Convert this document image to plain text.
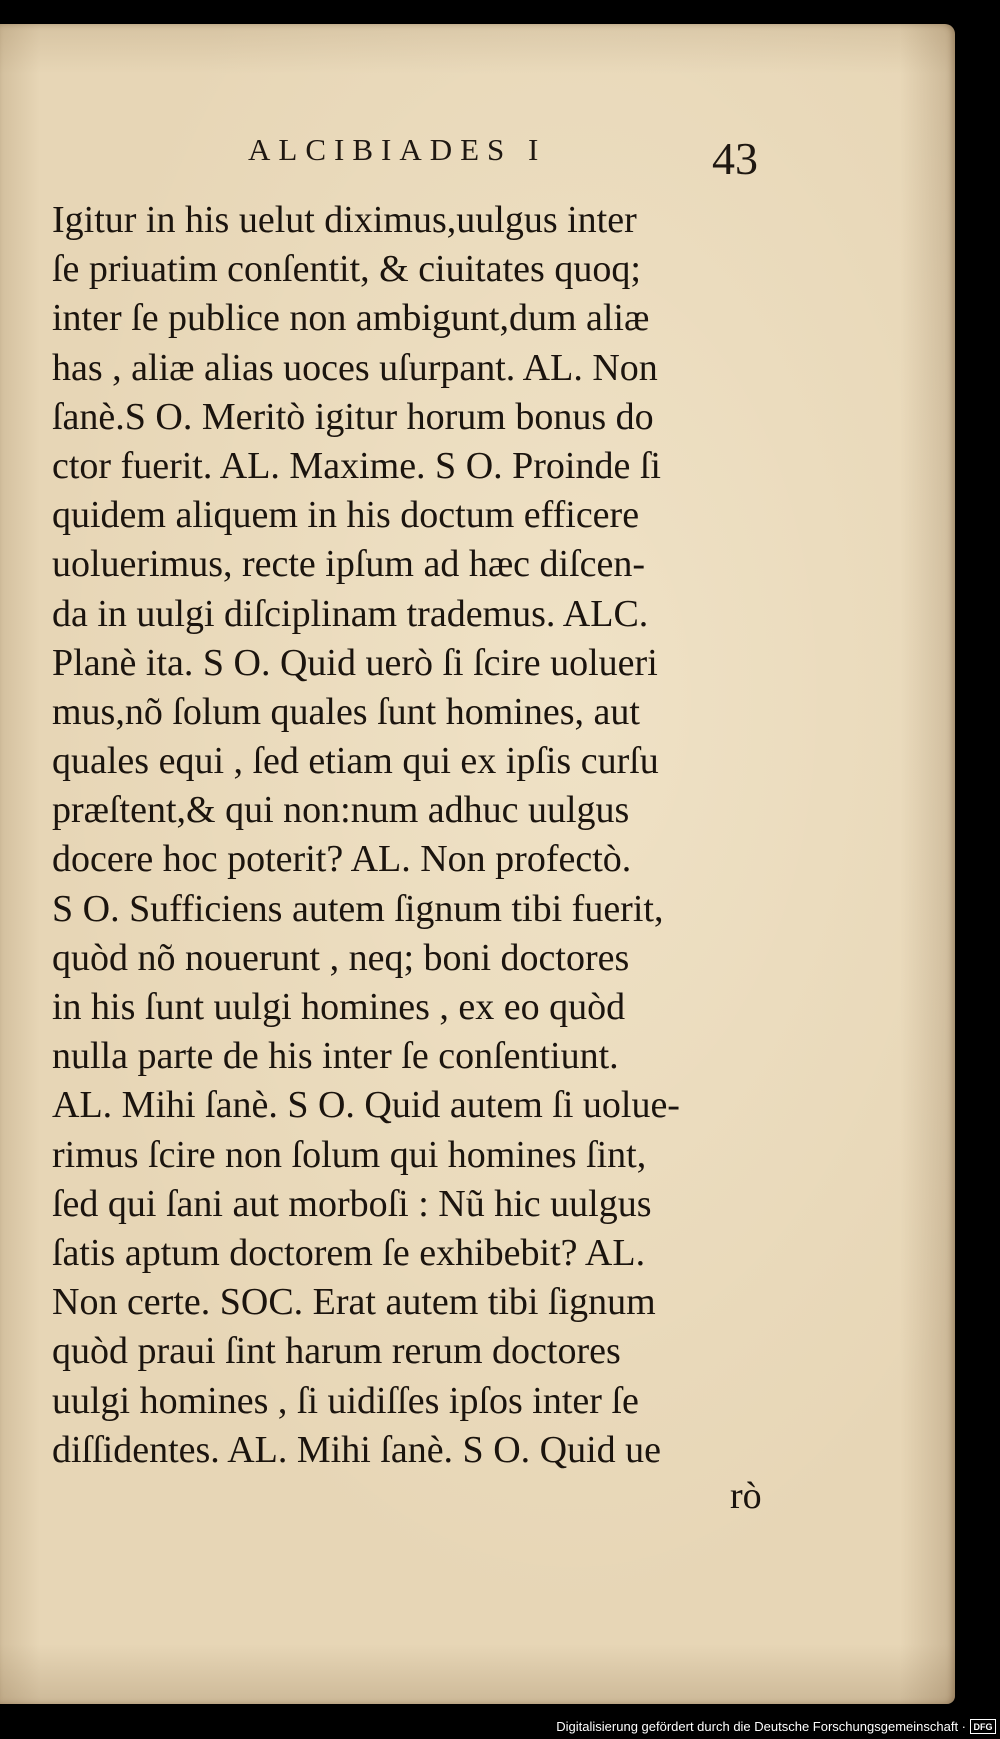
ALCIBIADES I	43
Igitur in his uelut diximus,uulgus inter
ſe priuatim conſentit, & ciuitates quoq;
inter ſe publice non ambigunt,dum aliæ
has , aliæ alias uoces uſurpant. AL. Non
ſanè.S O. Meritò igitur horum bonus do
ctor fuerit. AL. Maxime. S O. Proinde ſi
quidem aliquem in his doctum efficere
uoluerimus, recte ipſum ad hæc diſcen-
da in uulgi diſciplinam trademus. ALC.
Planè ita. S O. Quid uerò ſi ſcire uolueri
mus,nõ ſolum quales ſunt homines, aut
quales equi , ſed etiam qui ex ipſis curſu
præſtent,& qui non:num adhuc uulgus
docere hoc poterit? AL. Non profectò.
S O. Sufficiens autem ſignum tibi fuerit,
quòd nõ nouerunt , neq; boni doctores
in his ſunt uulgi homines , ex eo quòd
nulla parte de his inter ſe conſentiunt.
AL. Mihi ſanè. S O. Quid autem ſi uolue-
rimus ſcire non ſolum qui homines ſint,
ſed qui ſani aut morboſi : Nũ hic uulgus
ſatis aptum doctorem ſe exhibebit? AL.
Non certe. SOC. Erat autem tibi ſignum
quòd praui ſint harum rerum doctores
uulgi homines , ſi uidiſſes ipſos inter ſe
diſſidentes. AL. Mihi ſanè. S O. Quid ue
rò
Digitalisierung gefördert durch die Deutsche Forschungsgemeinschaft · DFG
